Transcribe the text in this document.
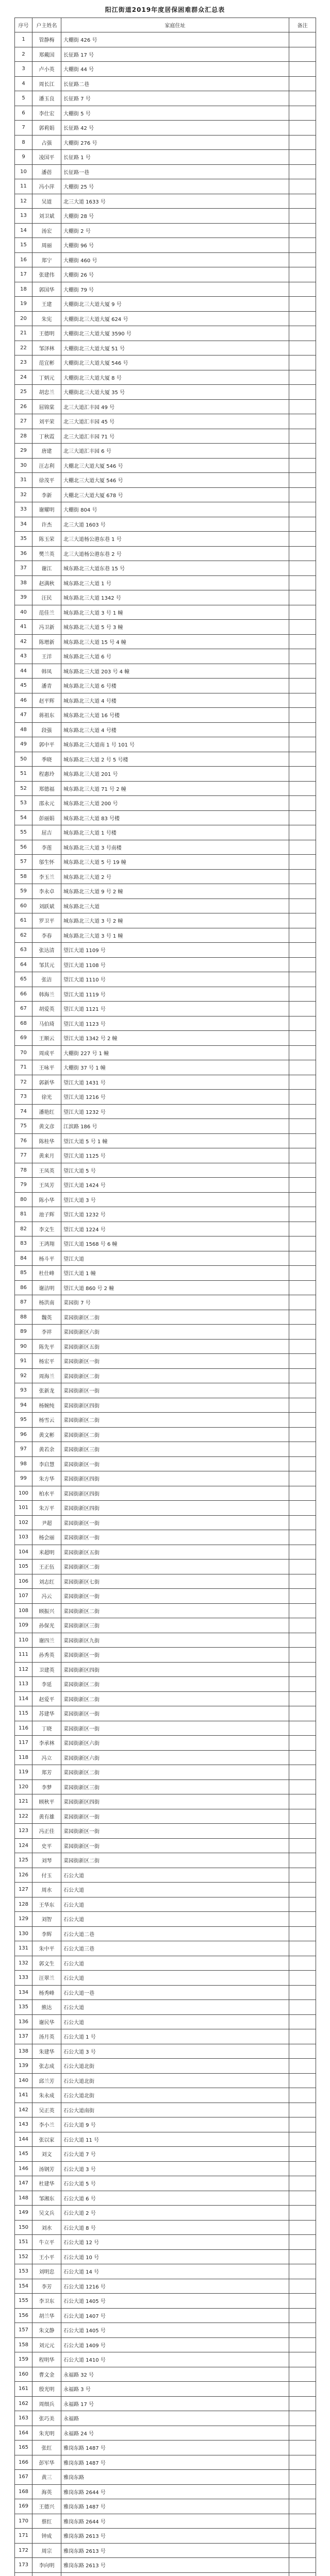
阳江街道2019年度居保困难群众汇总表
序号	户主姓名	家庭住址	备注
1	管静梅	大棚街 426 号	
2	郑戴国	长征路 17 号	
3	卢小英	大棚街 44 号	
4	周长江	长征路二巷	
5	潘玉良	长征路 7 号	
6	李仕宏	大棚街 5 号	
7	郭莉娟	长征路 42 号	
8	占强	大棚街 276 号	
9	凌国平	长征路 1 号	
10	潘蓓	长征路一巷	
11	冯小萍	大棚街 25 号	
12	吴道	北三大道 1633 号	
13	刘卫斌	大棚街 28 号	
14	汤宏	大棚街 2 号	
15	周丽	大棚街 96 号	
16	郑宁	大棚街 460 号	
17	张建伟	大棚街 26 号	
18	郭国华	大棚街 79 号	
19	王建	大棚街北三大道大厦 9 号	
20	朱宪	大棚街北三大道大厦 624 号	
21	王德明	大棚街北三大道大厦 3590 号	
22	邹泽林	大棚街北三大道大厦 51 号	
23	范宜彬	大棚街北三大道大厦 546 号	
24	丁炳元	大棚街北三大道大厦 8 号	
25	胡忠兰	大棚街北三大道大厦 35 号	
26	屈锦棠	北三大道汇丰园 49 号	
27	刘平荣	北三大道汇丰园 45 号	
28	丁秋霞	北三大道汇丰园 71 号	
29	唐建	北三大道汇丰园 6 号	
30	汪志利	大棚北三大道大厦 546 号	
31	徐茂平	大棚北三大道大厦 546 号	
32	李新	大棚北三大道大厦 678 号	
33	谢耀明	大棚街 804 号	
34	许杰	北三大道 1603 号	
35	陈玉荣	北三大道杨公港东巷 1 号	
36	樊兰英	北三大道杨公港东巷 2 号	
37	谢江	城东路北三大道东巷 15 号	
38	赵满秋	城东路北三大道 1 号	
39	汪民	城东路北三大道 1342 号	
40	范佳兰	城东路北三大道 3 号 1 幢	
41	冯卫新	城东路北三大道 5 号 3 幢	
42	陈增新	城东路北三大道 15 号 4 幢	
43	王洋	城东路北三大道 6 号	
44	韩凤	城东路北三大道 203 号 4 幢	
45	潘青	城东路北三大道 6 号楼	
46	赵平辉	城东路北三大道 4 号楼	
47	蒋祖东	城东路北三大道 16 号楼	
48	段强	城东路北三大道 4 号楼	
49	郭中平	城东路北三大道南 1 号 101 号	
50	季晓	城东路北三大道 2 号 5 号楼	
51	程惠玲	城东路北三大道 201 号	
52	郑德福	城东路北三大道 71 号 2 幢	
53	邵永元	城东路北三大道 200 号	
54	彭丽娟	城东路北三大道 83 号楼	
55	屈吉	城东路北三大道 1 号楼	
56	李莲	城东路北三大道 3 号南楼	
57	邬生怀	城东路北三大道 5 号 19 幢	
58	李玉兰	城东路北三大道 2 号	
59	李永卓	城东路北三大道 9 号 2 幢	
60	刘跃斌	城东路北三大道	
61	罗卫平	城东路北三大道 3 号 2 幢	
62	李春	城东路北三大道 3 号 1 幢	
63	张达清	望江大道 1109 号	
64	邹其元	望江大道 1108 号	
65	张洁	望江大道 1110 号	
66	韩海兰	望江大道 1119 号	
67	胡爱英	望江大道 1121 号	
68	马伯琦	望江大道 1123 号	
69	王顺云	望江大道 1342 号 2 幢	
70	周成平	大棚街 227 号 1 幢	
71	王咏平	大棚街 37 号 1 幢	
72	郭新华	望江大道 1431 号	
73	徐光	望江大道 1216 号	
74	潘艳红	望江大道 1232 号	
75	黄文彦	江滨路 186 号	
76	陈桂华	望江大道 5 号 1 幢	
77	黄来月	望江大道 1125 号	
78	王凤英	望江大道 5 号	
79	王凤芳	望江大道 1424 号	
80	陈小华	望江大道 3 号	
81	池子辉	望江大道 1232 号	
82	李文生	望江大道 1224 号	
83	王鸿翔	望江大道 1568 号 6 幢	
84	杨斗平	望江大道	
85	杜仕峰	望江大道 1 幢	
86	谢洁明	望江大道 860 号 2 幢	
87	杨洪南	菜园街 7 号	
88	魏英	菜园街新区二街	
89	李祥	菜园街新区六街	
90	陈先平	菜园街新区五街	
91	杨宏平	菜园街新区一街	
92	周海兰	菜园街新区二街	
93	张新龙	菜园街新区一街	
94	杨婉纯	菜园街新区四街	
95	杨雪云	菜园街新区二街	
96	黄文彬	菜园街新区二街	
97	黄若余	菜园街新区三街	
98	李启慧	菜园街新区一街	
99	朱方华	菜园街新区四街	
100	柏水平	菜园街新区四街	
101	朱万平	菜园街新区四街	
102	尹超	菜园街新区一街	
103	杨会丽	菜园街新区一街	
104	米超明	菜园街新区五街	
105	王正伍	菜园街新区二街	
106	刘志红	菜园街新区七街	
107	冯云	菜园街新区一街	
108	顾振兴	菜园街新区二街	
109	孙保光	菜园街新区三街	
110	谢四兰	菜园街新区九街	
111	孙秀英	菜园街新区一街	
112	卫建英	菜园街新区四街	
113	李延	菜园街新区二街	
114	赵爱平	菜园街新区二街	
115	苏建华	菜园街新区一街	
116	丁晓	菜园街新区一街	
117	李承林	菜园街新区六街	
118	冯立	菜园街新区六街	
119	郑芳	菜园街新区二街	
120	李梦	菜园街新区三街	
121	顾秋平	菜园街新区四街	
122	黄有雄	菜园街新区一街	
123	冯正佳	菜园街新区一街	
124	史平	菜园街新区一街	
125	刘琴	菜园街新区二街	
126	付玉	石公大道	
127	周水	石公大道	
128	王华东	石公大道	
129	刘智	石公大道	
130	李辉	石公大道二巷	
131	朱中平	石公大道三巷	
132	郭文生	石公大道	
133	汪翠兰	石公大道	
134	杨秀峰	石公大道一巷	
135	熊达	石公大道	
136	谢民华	石公大道	
137	汤月英	石公大道 1 号	
138	朱建华	石公大道 3 号	
139	张志成	石公大道北街	
140	邱兰芳	石公大道北街	
141	朱永成	石公大道北街	
142	吴正英	石公大道南街	
143	李小兰	石公大道 9 号	
144	张以家	石公大道 11 号	
145	刘文	石公大道 7 号	
146	汤钢芳	石公大道 3 号	
147	杜建华	石公大道 5 号	
148	邹湘东	石公大道 6 号	
149	吴文兵	石公大道 2 号	
150	刘水	石公大道 8 号	
151	牛立平	石公大道 12 号	
152	王小平	石公大道 10 号	
153	刘明忠	石公大道 14 号	
154	李芳	石公大道 1216 号	
155	李卫东	石公大道 1405 号	
156	胡兰华	石公大道 1407 号	
157	朱文静	石公大道 1405 号	
158	刘元元	石公大道 1409 号	
159	程明华	石公大道 1410 号	
160	曹文金	永福路 32 号	
161	殷光明	永福路 3 号	
162	周细兵	永福路 17 号	
163	张巧美	永福路	
164	朱光明	永福路 24 号	
165	张红	雅岗东路 1487 号	
166	彭军华	雅岗东路 1487 号	
167	黄三	雅岗东路	
168	海英	雅岗东路 2644 号	
169	王德兴	雅岗东路 1487 号	
170	蔡红	雅岗东路 2644 号	
171	钟成	雅岗东路 2613 号	
172	周宗	雅岗东路 2613 号	
173	李向明	雅岗东路 2613 号	
